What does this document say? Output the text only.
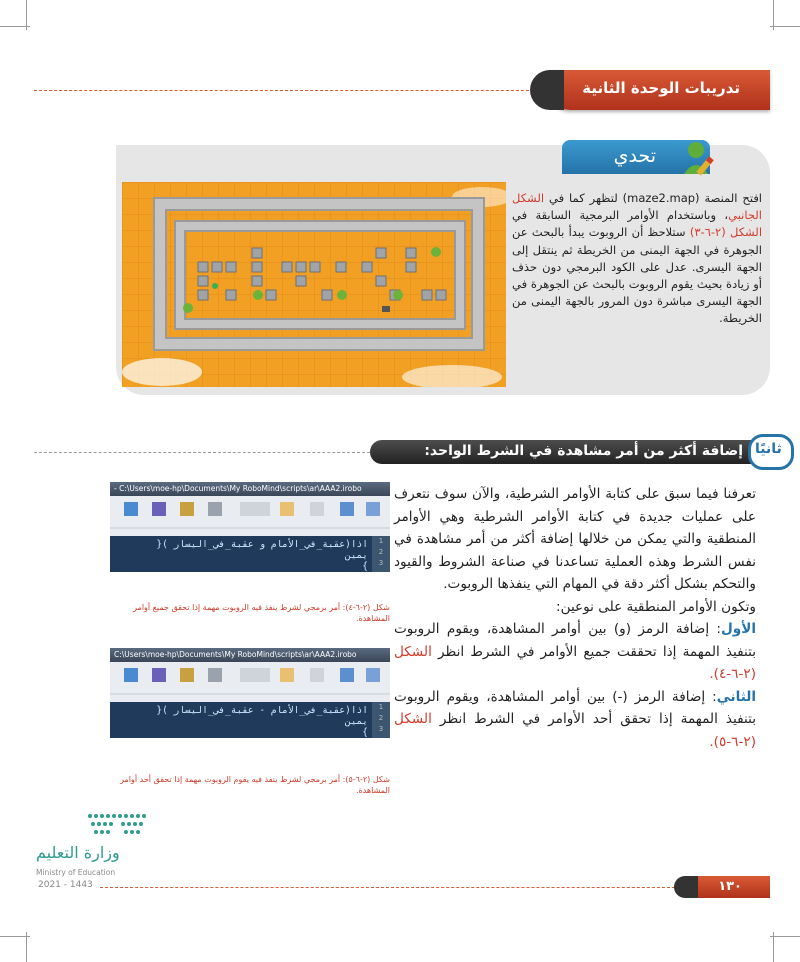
تدريبات الوحدة الثانية
تحدي
افتح المنصة (maze2.map) لتظهر كما في الشكل الجانبي، وباستخدام الأوامر البرمجية السابقة في الشكل (٢-٦-٣) ستلاحظ أن الروبوت يبدأ بالبحث عن الجوهرة في الجهة اليمنى من الخريطة ثم ينتقل إلى الجهة اليسرى. عدل على الكود البرمجي دون حذف أو زيادة بحيث يقوم الروبوت بالبحث عن الجوهرة في الجهة اليسرى مباشرة دون المرور بالجهة اليمنى من الخريطة.
إضافة أكثر من أمر مشاهدة في الشرط الواحد: ثانيًا

تعرفنا فيما سبق على كتابة الأوامر الشرطية، والآن سوف نتعرف على عمليات جديدة في كتابة الأوامر الشرطية وهي الأوامر المنطقية والتي يمكن من خلالها إضافة أكثر من أمر مشاهدة في نفس الشرط وهذه العملية تساعدنا في صناعة الشروط والقيود والتحكم بشكل أكثر دقة في المهام التي ينفذها الروبوت.

وتكون الأوامر المنطقية على نوعين:

الأول: إضافة الرمز (و) بين أوامر المشاهدة، ويقوم الروبوت بتنفيذ المهمة إذا تحققت جميع الأوامر في الشرط انظر الشكل (٢-٦-٤).

الثاني: إضافة الرمز (-) بين أوامر المشاهدة، ويقوم الروبوت بتنفيذ المهمة إذا تحقق أحد الأوامر في الشرط انظر الشكل (٢-٦-٥).

- C:\Users\moe-hp\Documents\My RoboMind\scripts\ar\AAA2.irobo
1
2
3
اذا(عقبة_في_الأمام و عقبة_في_اليسار ){
يمين
}
شكل (٢-٦-٤): أمر برمجي لشرط ينفذ فيه الروبوت مهمة إذا تحقق جميع أوامر المشاهدة.
C:\Users\moe-hp\Documents\My RoboMind\scripts\ar\AAA2.irobo
1
2
3
اذا(عقبة_في_الأمام - عقبة_في_اليسار ){
يمين
}
شكل (٢-٦-٥): أمر برمجي لشرط ينفذ فيه يقوم الروبوت مهمة إذا تحقق أحد أوامر المشاهدة.
وزارة التعليم
Ministry of Education
2021 - 1443	١٣٠
